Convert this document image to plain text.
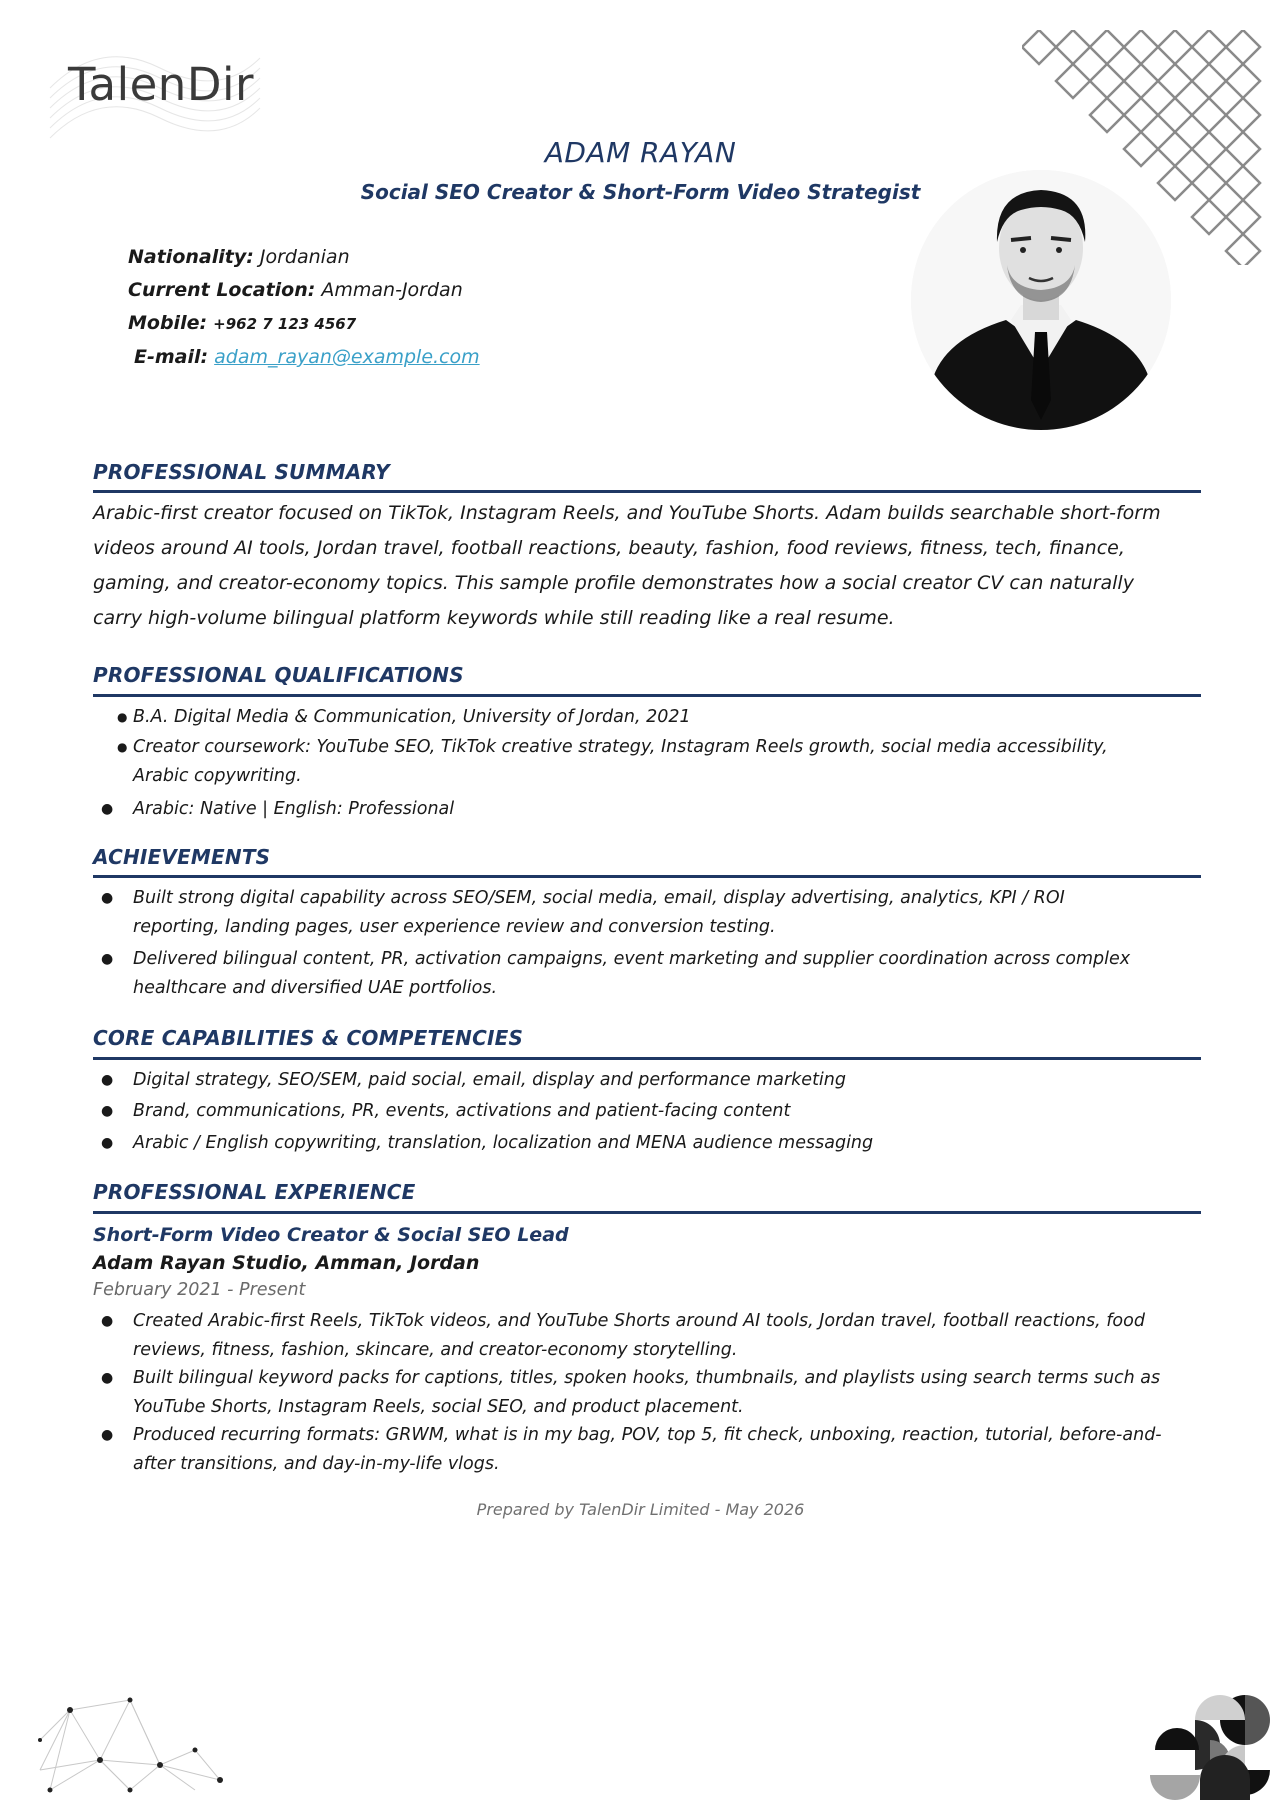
TalenDir
ADAM RAYAN
Social SEO Creator & Short-Form Video Strategist
Nationality: Jordanian
Current Location: Amman-Jordan
Mobile: +962 7 123 4567
E-mail: adam_rayan@example.com
PROFESSIONAL SUMMARY
Arabic-first creator focused on TikTok, Instagram Reels, and YouTube Shorts. Adam builds searchable short-form
videos around AI tools, Jordan travel, football reactions, beauty, fashion, food reviews, fitness, tech, finance,
gaming, and creator-economy topics. This sample profile demonstrates how a social creator CV can naturally
carry high-volume bilingual platform keywords while still reading like a real resume.
PROFESSIONAL QUALIFICATIONS
● B.A. Digital Media & Communication, University of Jordan, 2021
● Creator coursework: YouTube SEO, TikTok creative strategy, Instagram Reels growth, social media accessibility,
Arabic copywriting.
● Arabic: Native | English: Professional
ACHIEVEMENTS
● Built strong digital capability across SEO/SEM, social media, email, display advertising, analytics, KPI / ROI
reporting, landing pages, user experience review and conversion testing.
● Delivered bilingual content, PR, activation campaigns, event marketing and supplier coordination across complex
healthcare and diversified UAE portfolios.
CORE CAPABILITIES & COMPETENCIES
● Digital strategy, SEO/SEM, paid social, email, display and performance marketing
● Brand, communications, PR, events, activations and patient-facing content
● Arabic / English copywriting, translation, localization and MENA audience messaging
PROFESSIONAL EXPERIENCE
Short-Form Video Creator & Social SEO Lead
Adam Rayan Studio, Amman, Jordan
February 2021 - Present
● Created Arabic-first Reels, TikTok videos, and YouTube Shorts around AI tools, Jordan travel, football reactions, food
reviews, fitness, fashion, skincare, and creator-economy storytelling.
● Built bilingual keyword packs for captions, titles, spoken hooks, thumbnails, and playlists using search terms such as
YouTube Shorts, Instagram Reels, social SEO, and product placement.
● Produced recurring formats: GRWM, what is in my bag, POV, top 5, fit check, unboxing, reaction, tutorial, before-and-
after transitions, and day-in-my-life vlogs.
Prepared by TalenDir Limited - May 2026
